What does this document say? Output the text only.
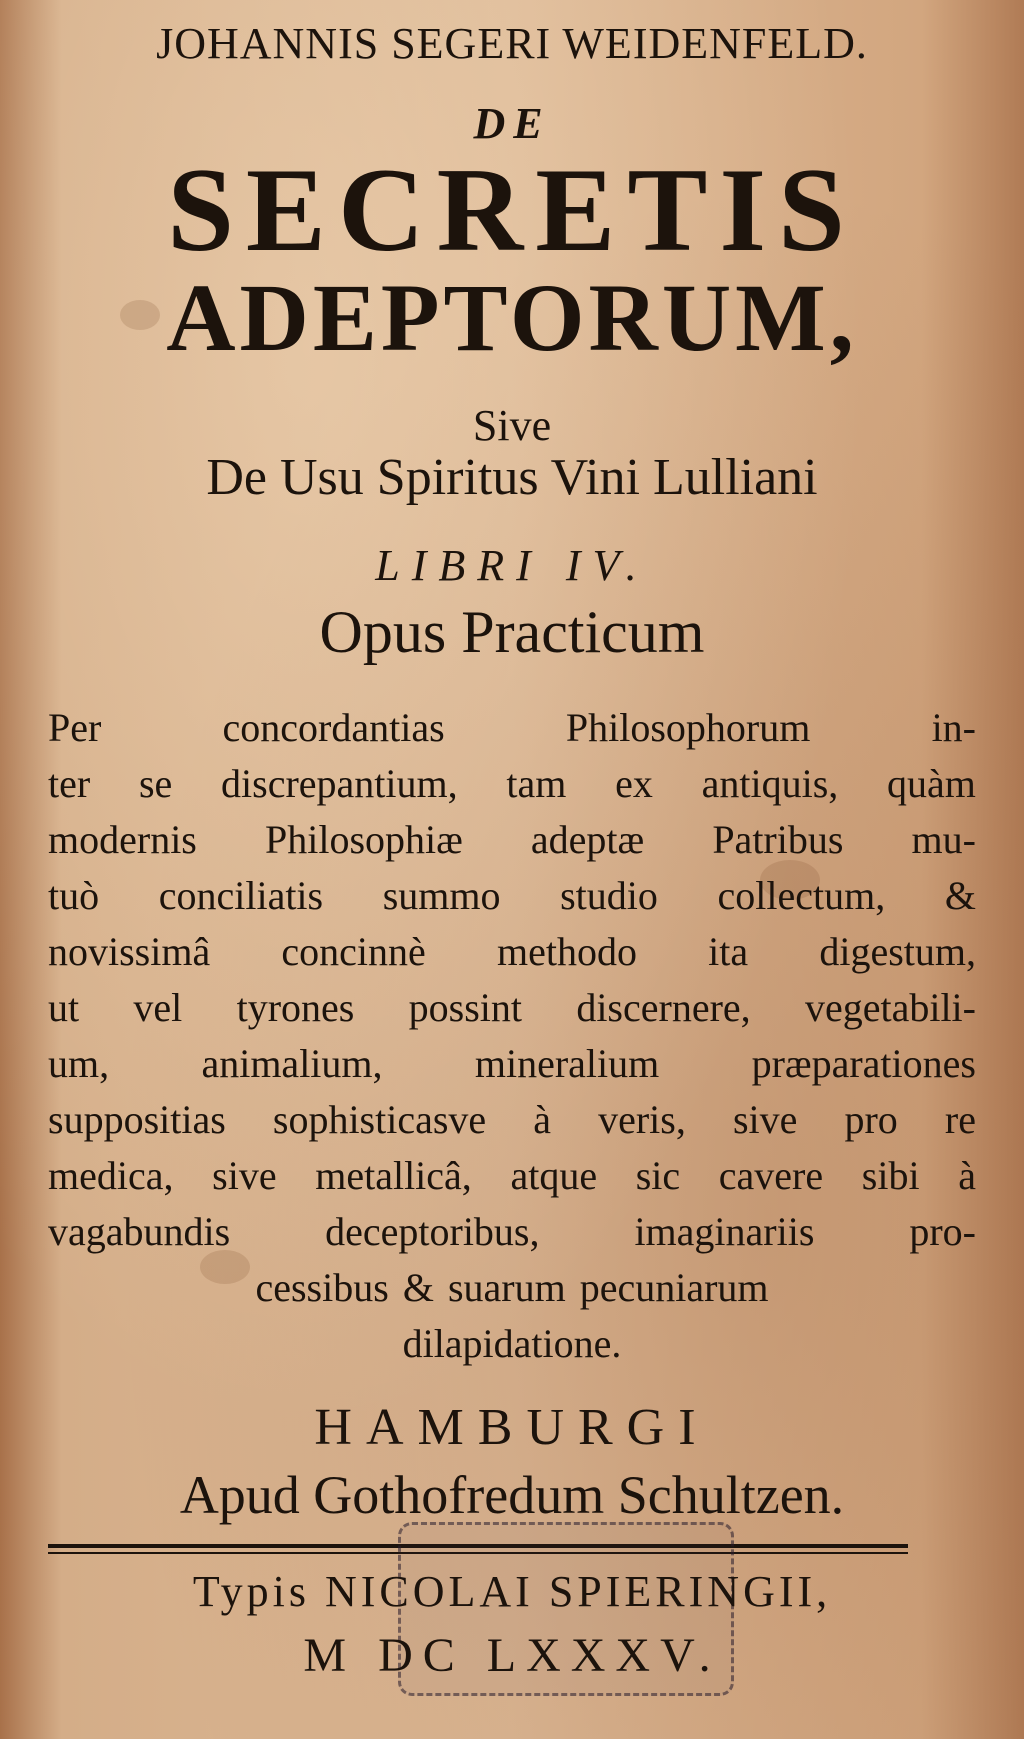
JOHANNIS SEGERI WEIDENFELD.
DE
SECRETIS
ADEPTORUM,
Sive
De Usu Spiritus Vini Lulliani
LIBRI IV.
Opus Practicum
Per	concordantias	Philosophorum	in-
ter se discrepantium, tam ex antiquis, quàm
modernis Philosophiæ adeptæ Patribus mu-
tuò conciliatis summo studio collectum, &
novissimâ concinnè methodo ita digestum,
ut vel tyrones possint discernere, vegetabili-
um, animalium, mineralium præparationes
suppositias sophisticasve à veris, sive pro re
medica, sive metallicâ, atque sic cavere sibi à
vagabundis deceptoribus, imaginariis pro-
cessibus & suarum pecuniarum
dilapidatione.
HAMBURGI
Apud Gothofredum Schultzen.
Typis NICOLAI SPIERINGII,
M DC LXXXV.
